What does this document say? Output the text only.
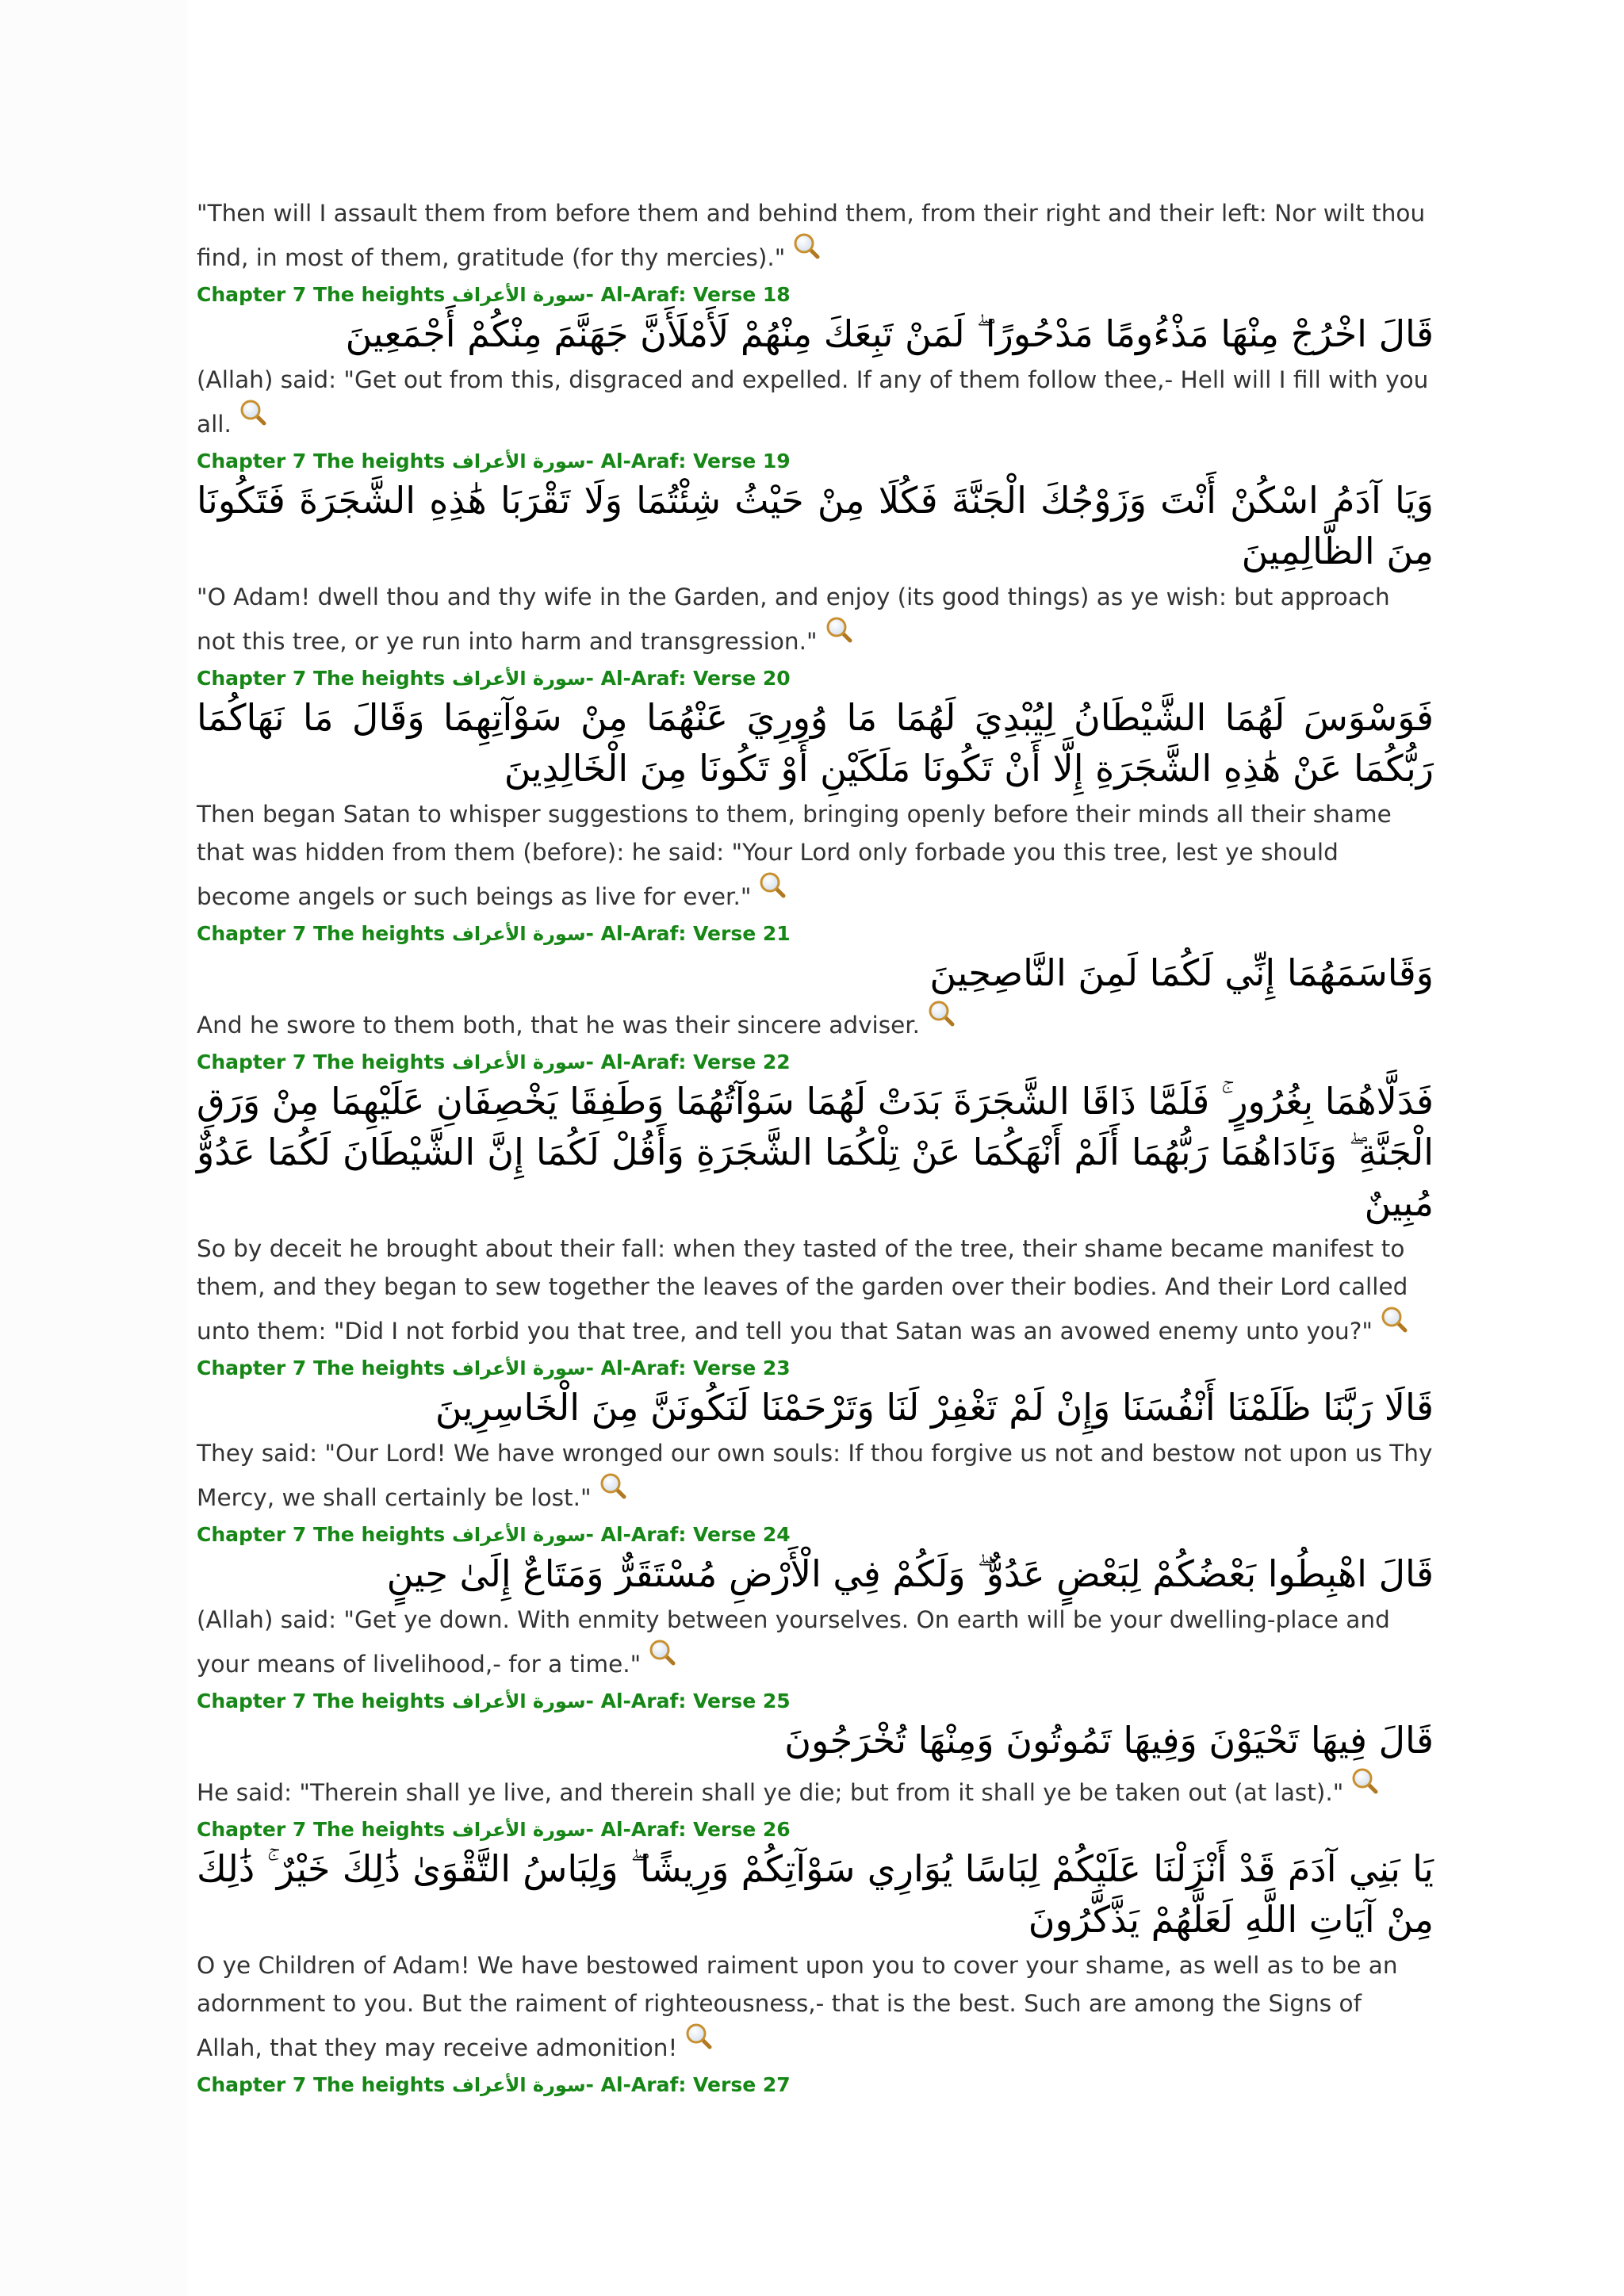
"Then will I assault them from before them and behind them, from their right and their left: Nor wilt thou find, in most of them, gratitude (for thy mercies)."

Chapter 7 The heights سورة الأعراف- Al-Araf: Verse 18

قَالَ اخْرُجْ مِنْهَا مَذْءُومًا مَدْحُورًا ۖ لَمَنْ تَبِعَكَ مِنْهُمْ لَأَمْلَأَنَّ جَهَنَّمَ مِنْكُمْ أَجْمَعِينَ

(Allah) said: "Get out from this, disgraced and expelled. If any of them follow thee,- Hell will I fill with you all.

Chapter 7 The heights سورة الأعراف- Al-Araf: Verse 19

وَيَا آدَمُ اسْكُنْ أَنْتَ وَزَوْجُكَ الْجَنَّةَ فَكُلَا مِنْ حَيْثُ شِئْتُمَا وَلَا تَقْرَبَا هَٰذِهِ الشَّجَرَةَ فَتَكُونَا مِنَ الظَّالِمِينَ

"O Adam! dwell thou and thy wife in the Garden, and enjoy (its good things) as ye wish: but approach not this tree, or ye run into harm and transgression."

Chapter 7 The heights سورة الأعراف- Al-Araf: Verse 20

فَوَسْوَسَ لَهُمَا الشَّيْطَانُ لِيُبْدِيَ لَهُمَا مَا وُورِيَ عَنْهُمَا مِنْ سَوْآتِهِمَا وَقَالَ مَا نَهَاكُمَا رَبُّكُمَا عَنْ هَٰذِهِ الشَّجَرَةِ إِلَّا أَنْ تَكُونَا مَلَكَيْنِ أَوْ تَكُونَا مِنَ الْخَالِدِينَ

Then began Satan to whisper suggestions to them, bringing openly before their minds all their shame that was hidden from them (before): he said: "Your Lord only forbade you this tree, lest ye should become angels or such beings as live for ever."

Chapter 7 The heights سورة الأعراف- Al-Araf: Verse 21

وَقَاسَمَهُمَا إِنِّي لَكُمَا لَمِنَ النَّاصِحِينَ

And he swore to them both, that he was their sincere adviser.

Chapter 7 The heights سورة الأعراف- Al-Araf: Verse 22

فَدَلَّاهُمَا بِغُرُورٍ ۚ فَلَمَّا ذَاقَا الشَّجَرَةَ بَدَتْ لَهُمَا سَوْآتُهُمَا وَطَفِقَا يَخْصِفَانِ عَلَيْهِمَا مِنْ وَرَقِ الْجَنَّةِ ۖ وَنَادَاهُمَا رَبُّهُمَا أَلَمْ أَنْهَكُمَا عَنْ تِلْكُمَا الشَّجَرَةِ وَأَقُلْ لَكُمَا إِنَّ الشَّيْطَانَ لَكُمَا عَدُوٌّ مُبِينٌ

So by deceit he brought about their fall: when they tasted of the tree, their shame became manifest to them, and they began to sew together the leaves of the garden over their bodies. And their Lord called unto them: "Did I not forbid you that tree, and tell you that Satan was an avowed enemy unto you?"

Chapter 7 The heights سورة الأعراف- Al-Araf: Verse 23

قَالَا رَبَّنَا ظَلَمْنَا أَنْفُسَنَا وَإِنْ لَمْ تَغْفِرْ لَنَا وَتَرْحَمْنَا لَنَكُونَنَّ مِنَ الْخَاسِرِينَ

They said: "Our Lord! We have wronged our own souls: If thou forgive us not and bestow not upon us Thy Mercy, we shall certainly be lost."

Chapter 7 The heights سورة الأعراف- Al-Araf: Verse 24

قَالَ اهْبِطُوا بَعْضُكُمْ لِبَعْضٍ عَدُوٌّ ۖ وَلَكُمْ فِي الْأَرْضِ مُسْتَقَرٌّ وَمَتَاعٌ إِلَىٰ حِينٍ

(Allah) said: "Get ye down. With enmity between yourselves. On earth will be your dwelling-place and your means of livelihood,- for a time."

Chapter 7 The heights سورة الأعراف- Al-Araf: Verse 25

قَالَ فِيهَا تَحْيَوْنَ وَفِيهَا تَمُوتُونَ وَمِنْهَا تُخْرَجُونَ

He said: "Therein shall ye live, and therein shall ye die; but from it shall ye be taken out (at last)."

Chapter 7 The heights سورة الأعراف- Al-Araf: Verse 26

يَا بَنِي آدَمَ قَدْ أَنْزَلْنَا عَلَيْكُمْ لِبَاسًا يُوَارِي سَوْآتِكُمْ وَرِيشًا ۖ وَلِبَاسُ التَّقْوَىٰ ذَٰلِكَ خَيْرٌ ۚ ذَٰلِكَ مِنْ آيَاتِ اللَّهِ لَعَلَّهُمْ يَذَّكَّرُونَ

O ye Children of Adam! We have bestowed raiment upon you to cover your shame, as well as to be an adornment to you. But the raiment of righteousness,- that is the best. Such are among the Signs of Allah, that they may receive admonition!

Chapter 7 The heights سورة الأعراف- Al-Araf: Verse 27
